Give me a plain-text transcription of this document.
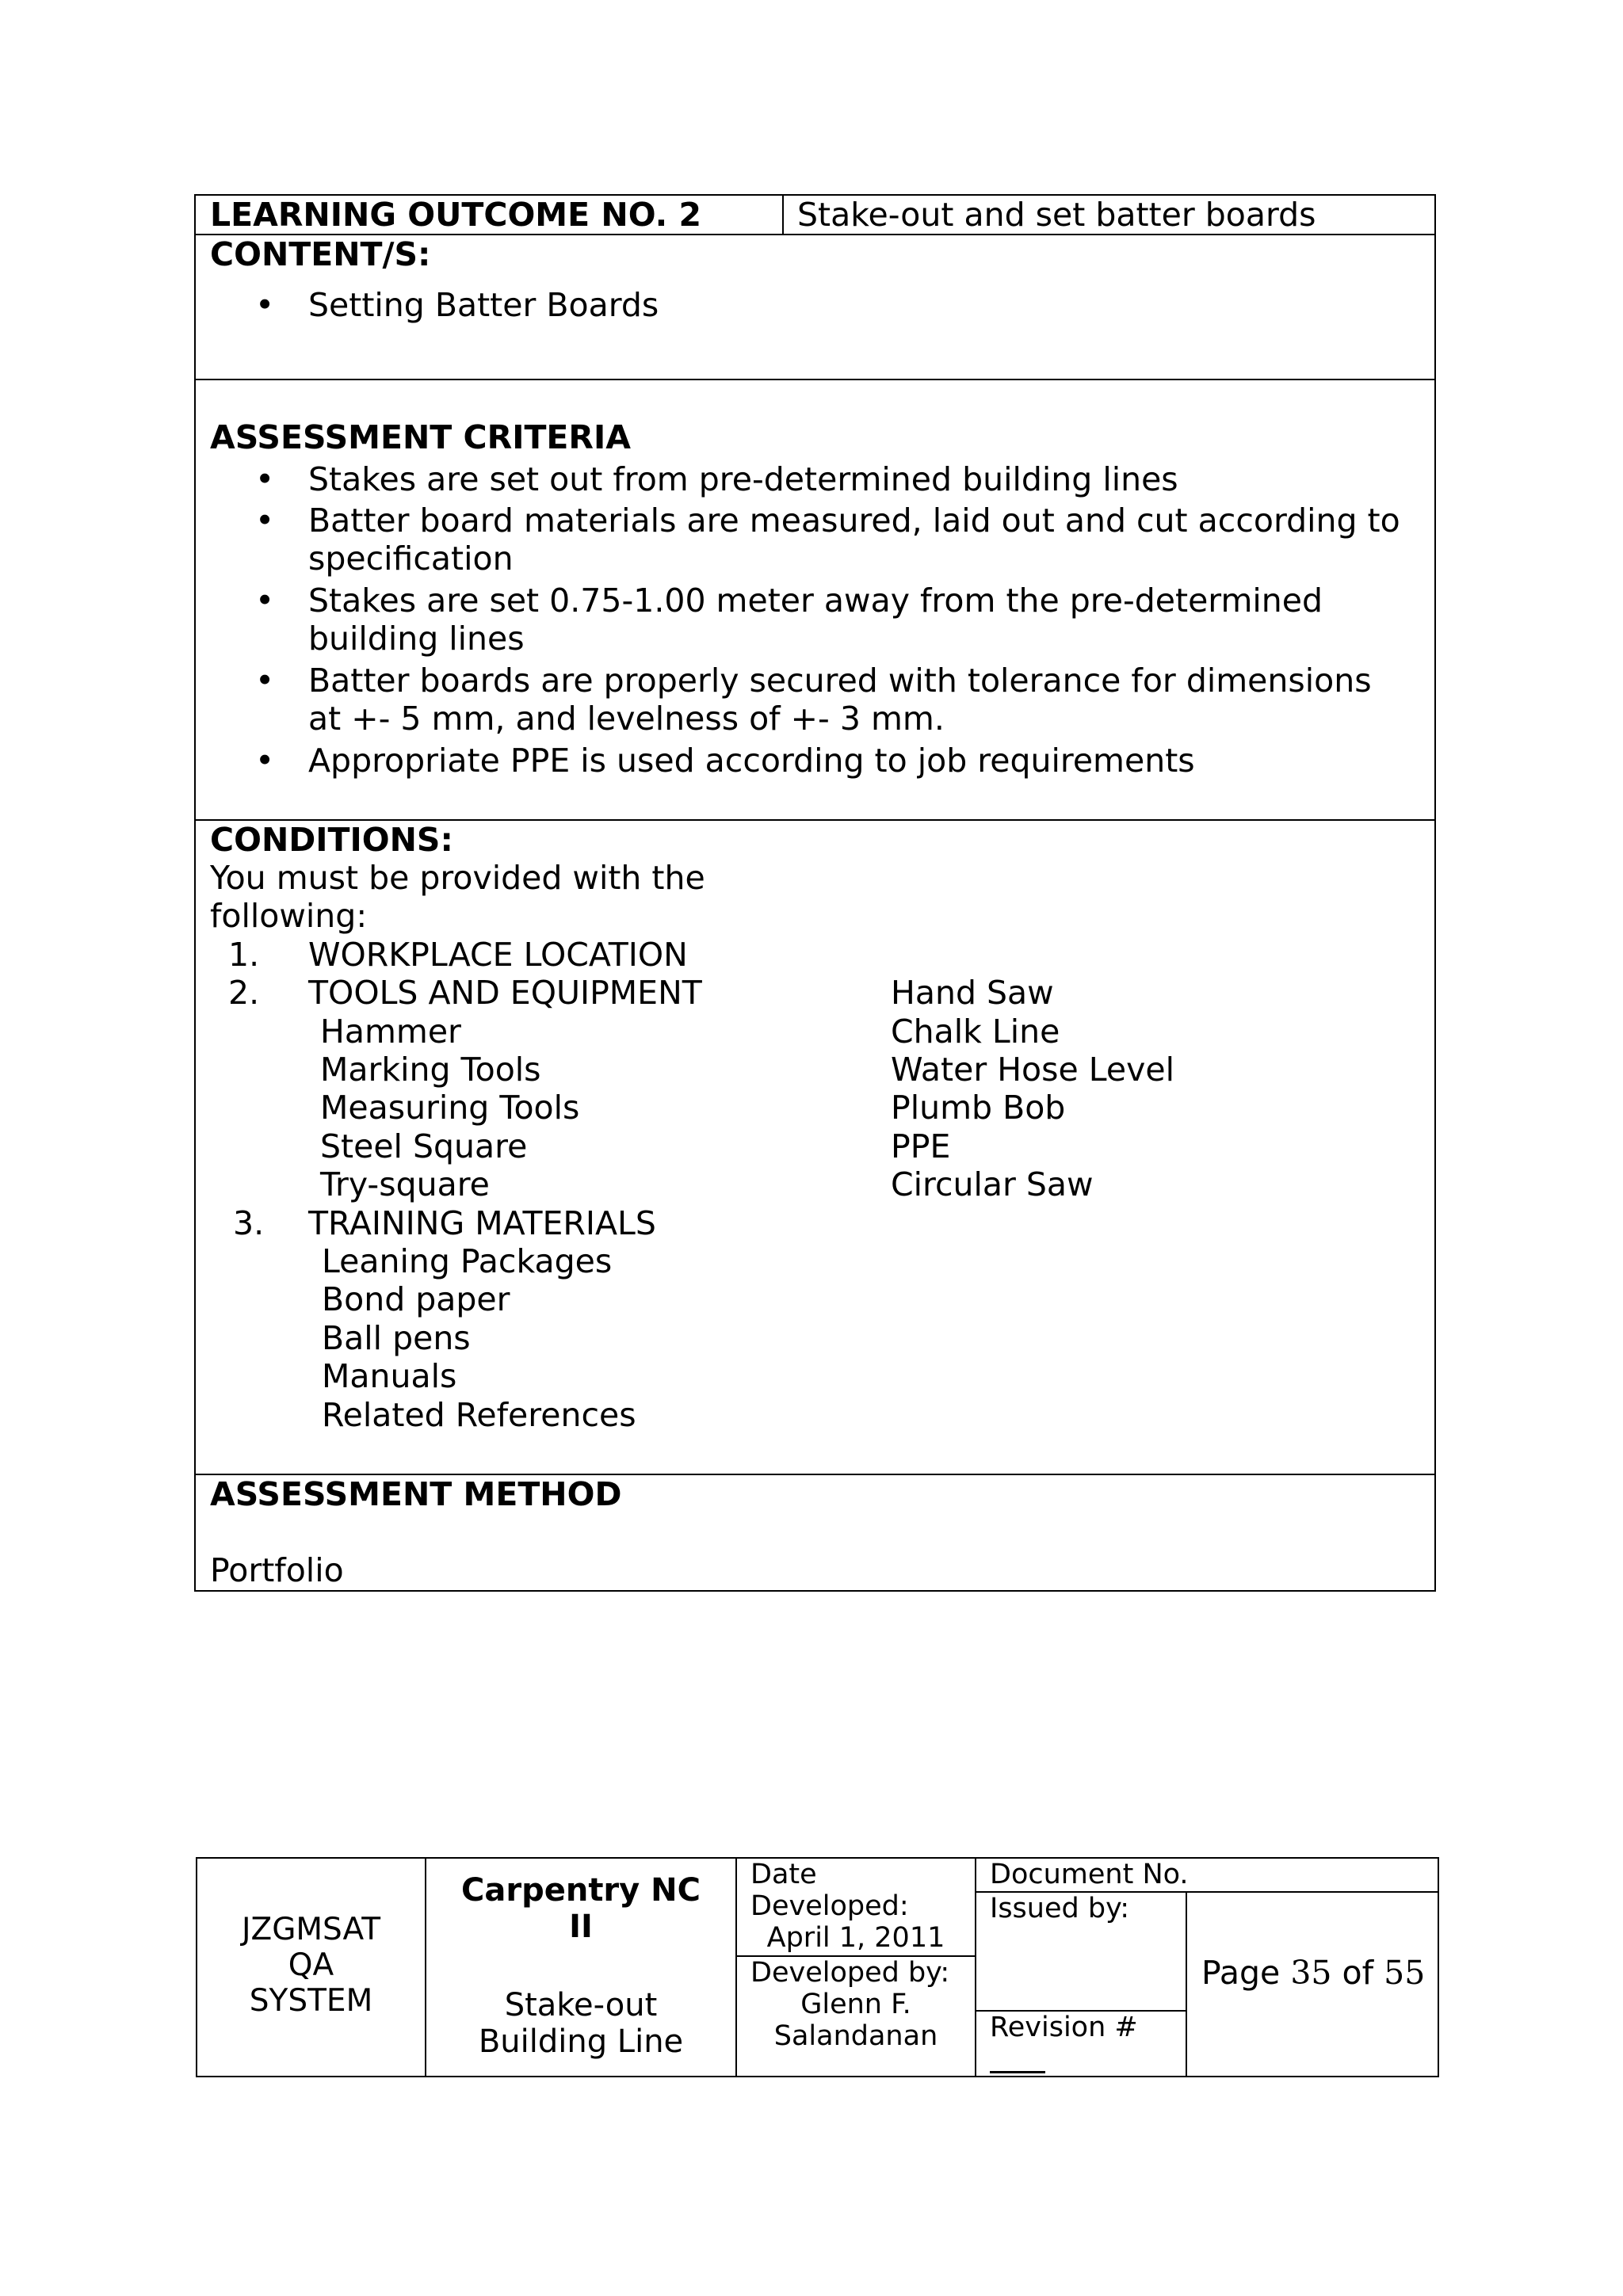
LEARNING OUTCOME NO. 2	Stake-out and set batter boards
CONTENT/S:
• Setting Batter Boards
ASSESSMENT CRITERIA
• Stakes are set out from pre-determined building lines
• Batter board materials are measured, laid out and cut according to
specification
• Stakes are set 0.75-1.00 meter away from the pre-determined
building lines
• Batter boards are properly secured with tolerance for dimensions
at +- 5 mm, and levelness of +- 3 mm.
• Appropriate PPE is used according to job requirements
CONDITIONS:
You must be provided with the
following:
1. WORKPLACE LOCATION
2. TOOLS AND EQUIPMENT
Hammer
Marking Tools
Measuring Tools
Steel Square
Try-square
Hand Saw
Chalk Line
Water Hose Level
Plumb Bob
PPE
Circular Saw
3. TRAINING MATERIALS
Leaning Packages
Bond paper
Ball pens
Manuals
Related References
ASSESSMENT METHOD
Portfolio
JZGMSAT
QA
SYSTEM
Carpentry NC
II
Stake-out
Building Line
Date
Developed:
April 1, 2011
Developed by:
Glenn F.
Salandanan
Document No.
Issued by:
Revision #
Page 35 of 55
